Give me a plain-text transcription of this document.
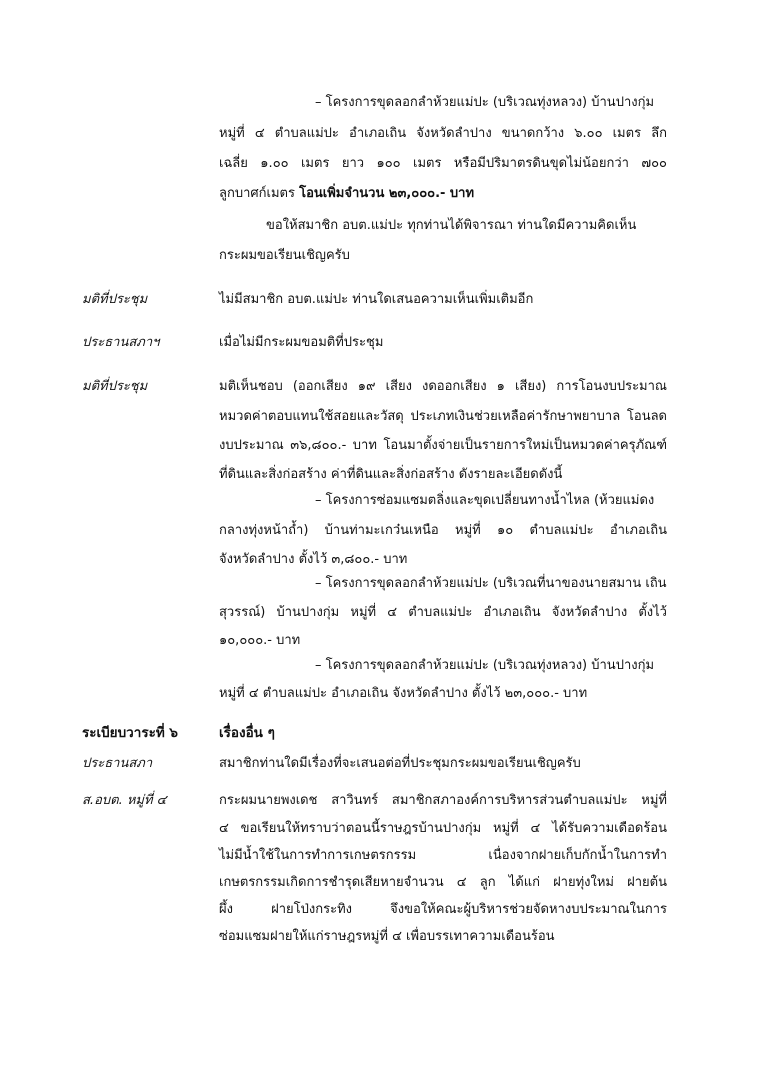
– โครงการขุดลอกลำห้วยแม่ปะ (บริเวณทุ่งหลวง) บ้านปางกุ่ม
หมู่ที่ ๔ ตำบลแม่ปะ อำเภอเถิน จังหวัดลำปาง ขนาดกว้าง ๖.๐๐ เมตร ลึก
เฉลี่ย ๑.๐๐ เมตร ยาว ๑๐๐ เมตร หรือมีปริมาตรดินขุดไม่น้อยกว่า ๗๐๐
ลูกบาศก์เมตร โอนเพิ่มจำนวน ๒๓,๐๐๐.- บาท
ขอให้สมาชิก อบต.แม่ปะ ทุกท่านได้พิจารณา ท่านใดมีความคิดเห็น
กระผมขอเรียนเชิญครับ
มติที่ประชุม	ไม่มีสมาชิก อบต.แม่ปะ ท่านใดเสนอความเห็นเพิ่มเติมอีก
ประธานสภาฯ	เมื่อไม่มีกระผมขอมติที่ประชุม
มติที่ประชุม	มติเห็นชอบ (ออกเสียง ๑๙ เสียง งดออกเสียง ๑ เสียง) การโอนงบประมาณ
หมวดค่าตอบแทนใช้สอยและวัสดุ ประเภทเงินช่วยเหลือค่ารักษาพยาบาล โอนลด
งบประมาณ ๓๖,๘๐๐.- บาท โอนมาตั้งจ่ายเป็นรายการใหม่เป็นหมวดค่าครุภัณฑ์
ที่ดินและสิ่งก่อสร้าง ค่าที่ดินและสิ่งก่อสร้าง ดังรายละเอียดดังนี้
– โครงการซ่อมแซมตลิ่งและขุดเปลี่ยนทางน้ำไหล (ห้วยแม่ดง
กลางทุ่งหน้าถ้ำ) บ้านท่ามะเกว๋นเหนือ หมู่ที่ ๑๐ ตำบลแม่ปะ อำเภอเถิน
จังหวัดลำปาง ตั้งไว้ ๓,๘๐๐.- บาท
– โครงการขุดลอกลำห้วยแม่ปะ (บริเวณที่นาของนายสมาน เถิน
สุวรรณ์) บ้านปางกุ่ม หมู่ที่ ๔ ตำบลแม่ปะ อำเภอเถิน จังหวัดลำปาง ตั้งไว้
๑๐,๐๐๐.- บาท
– โครงการขุดลอกลำห้วยแม่ปะ (บริเวณทุ่งหลวง) บ้านปางกุ่ม
หมู่ที่ ๔ ตำบลแม่ปะ อำเภอเถิน จังหวัดลำปาง ตั้งไว้ ๒๓,๐๐๐.- บาท
ระเบียบวาระที่ ๖	เรื่องอื่น ๆ
ประธานสภา	สมาชิกท่านใดมีเรื่องที่จะเสนอต่อที่ประชุมกระผมขอเรียนเชิญครับ
ส.อบต. หมู่ที่ ๔	กระผมนายพงเดช สาวินทร์ สมาชิกสภาองค์การบริหารส่วนตำบลแม่ปะ หมู่ที่
๔ ขอเรียนให้ทราบว่าตอนนี้ราษฎรบ้านปางกุ่ม หมู่ที่ ๔ ได้รับความเดือดร้อน
ไม่มีน้ำใช้ในการทำการเกษตรกรรม เนื่องจากฝายเก็บกักน้ำในการทำ
เกษตรกรรมเกิดการชำรุดเสียหายจำนวน ๔ ลูก ได้แก่ ฝายทุ่งใหม่ ฝายต้น
ผึ้ง ฝายโป่งกระทิง จึงขอให้คณะผู้บริหารช่วยจัดหางบประมาณในการ
ซ่อมแซมฝายให้แก่ราษฎรหมู่ที่ ๔ เพื่อบรรเทาความเดือนร้อน
